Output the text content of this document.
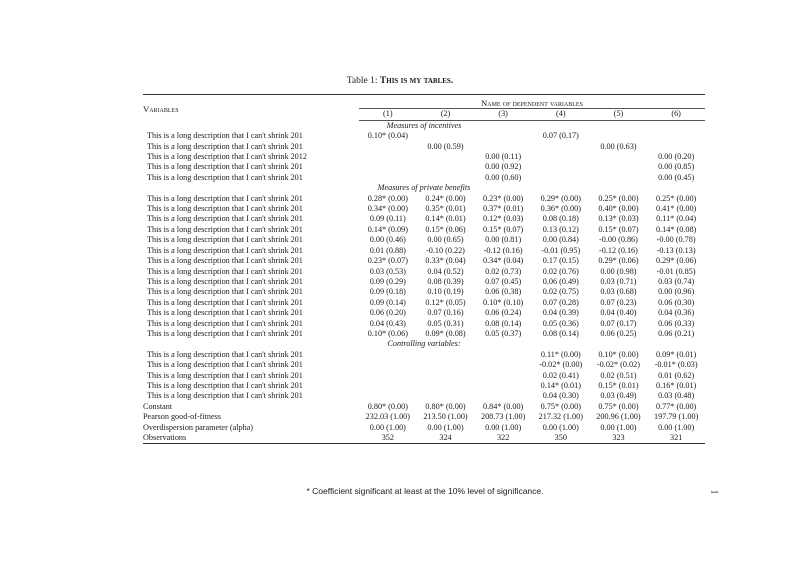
Table 1: This is my tables.
Variables	Name of dependent variables					
	(1)	(2)	(3)	(4)	(5)	(6)
Measures of incentives						
This is a long description that I can't shrink 201	0.10* (0.04)			0.07 (0.17)		
This is a long description that I can't shrink 201		0.00 (0.59)			0.00 (0.63)	
This is a long description that I can't shrink 2012			0.00 (0.11)			0.00 (0.20)
This is a long description that I can't shrink 201			0.00 (0.92)			0.00 (0.85)
This is a long description that I can't shrink 201			0.00 (0.60)			0.00 (0.45)
Measures of private benefits						
This is a long description that I can't shrink 201	0.28* (0.00)	0.24* (0.00)	0.23* (0.00)	0.29* (0.00)	0.25* (0.00)	0.25* (0.00)
This is a long description that I can't shrink 201	0.34* (0.00)	0.35* (0.01)	0.37* (0.01)	0.36* (0.00)	0.40* (0.00)	0.41* (0.00)
This is a long description that I can't shrink 201	0.09 (0.11)	0.14* (0.01)	0.12* (0.03)	0.08 (0.18)	0.13* (0.03)	0.11* (0.04)
This is a long description that I can't shrink 201	0.14* (0.09)	0.15* (0.06)	0.15* (0.07)	0.13 (0.12)	0.15* (0.07)	0.14* (0.08)
This is a long description that I can't shrink 201	0.00 (0.46)	0.00 (0.65)	0.00 (0.81)	0.00 (0.84)	-0.00 (0.86)	-0.00 (0.78)
This is a long description that I can't shrink 201	0.01 (0.88)	-0.10 (0.22)	-0.12 (0.16)	-0.01 (0.95)	-0.12 (0.16)	-0.13 (0.13)
This is a long description that I can't shrink 201	0.23* (0.07)	0.33* (0.04)	0.34* (0.04)	0.17 (0.15)	0.29* (0.06)	0.29* (0.06)
This is a long description that I can't shrink 201	0.03 (0.53)	0.04 (0.52)	0.02 (0.73)	0.02 (0.76)	0.00 (0.98)	-0.01 (0.85)
This is a long description that I can't shrink 201	0.09 (0.29)	0.08 (0.39)	0.07 (0.45)	0.06 (0.49)	0.03 (0.71)	0.03 (0.74)
This is a long description that I can't shrink 201	0.09 (0.18)	0.10 (0.19)	0.06 (0.38)	0.02 (0.75)	0.03 (0.68)	0.00 (0.96)
This is a long description that I can't shrink 201	0.09 (0.14)	0.12* (0.05)	0.10* (0.10)	0.07 (0.28)	0.07 (0.23)	0.06 (0.30)
This is a long description that I can't shrink 201	0.06 (0.20)	0.07 (0.16)	0.06 (0.24)	0.04 (0.39)	0.04 (0.40)	0.04 (0.36)
This is a long description that I can't shrink 201	0.04 (0.43)	0.05 (0.31)	0.08 (0.14)	0.05 (0.36)	0.07 (0.17)	0.06 (0.33)
This is a long description that I can't shrink 201	0.10* (0.06)	0.09* (0.08)	0.05 (0.37)	0.08 (0.14)	0.06 (0.25)	0.06 (0.21)
Controlling variables:						
This is a long description that I can't shrink 201				0.11* (0.00)	0.10* (0.00)	0.09* (0.01)
This is a long description that I can't shrink 201				-0.02* (0.00)	-0.02* (0.02)	-0.01* (0.03)
This is a long description that I can't shrink 201				0.02 (0.41)	0.02 (0.51)	0.01 (0.62)
This is a long description that I can't shrink 201				0.14* (0.01)	0.15* (0.01)	0.16* (0.01)
This is a long description that I can't shrink 201				0.04 (0.30)	0.03 (0.49)	0.03 (0.48)
Constant	0.80* (0.00)	0.80* (0.00)	0.84* (0.00)	0.75* (0.00)	0.75* (0.00)	0.77* (0.00)
Pearson good-of-fitness	232.03 (1.00)	213.50 (1.00)	208.73 (1.00)	217.32 (1.00)	200.96 (1.00)	197.79 (1.00)
Overdispersion parameter (alpha)	0.00 (1.00)	0.00 (1.00)	0.00 (1.00)	0.00 (1.00)	0.00 (1.00)	0.00 (1.00)
Observations	352	324	322	350	323	321
* Coefficient significant at least at the 10% level of significance.	1
